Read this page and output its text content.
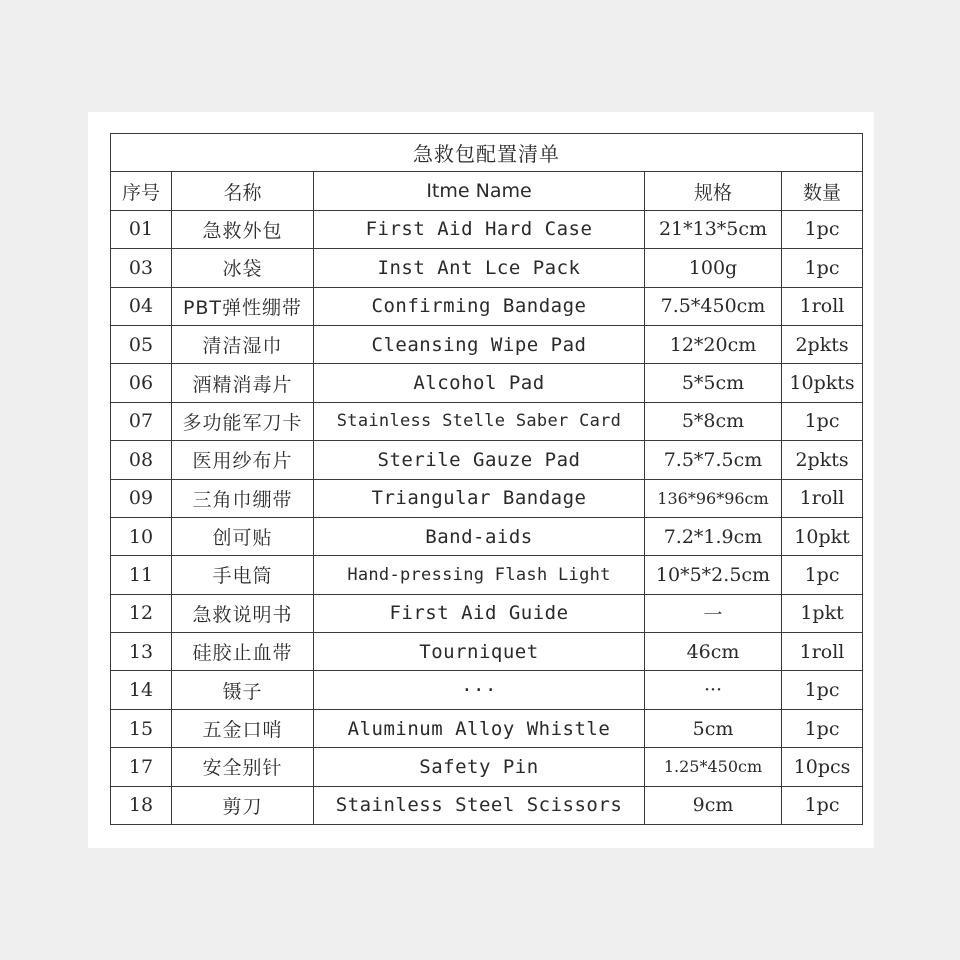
急救包配置清单				
序号	名称	Itme Name	规格	数量
01	急救外包	First Aid Hard Case	21*13*5cm	1pc
03	冰袋	Inst Ant Lce Pack	100g	1pc
04	PBT弹性绷带	Confirming Bandage	7.5*450cm	1roll
05	清洁湿巾	Cleansing Wipe Pad	12*20cm	2pkts
06	酒精消毒片	Alcohol Pad	5*5cm	10pkts
07	多功能军刀卡	Stainless Stelle Saber Card	5*8cm	1pc
08	医用纱布片	Sterile Gauze Pad	7.5*7.5cm	2pkts
09	三角巾绷带	Triangular Bandage	136*96*96cm	1roll
10	创可贴	Band-aids	7.2*1.9cm	10pkt
11	手电筒	Hand-pressing Flash Light	10*5*2.5cm	1pc
12	急救说明书	First Aid Guide	一	1pkt
13	硅胶止血带	Tourniquet	46cm	1roll
14	镊子	···	···	1pc
15	五金口哨	Aluminum Alloy Whistle	5cm	1pc
17	安全别针	Safety Pin	1.25*450cm	10pcs
18	剪刀	Stainless Steel Scissors	9cm	1pc
